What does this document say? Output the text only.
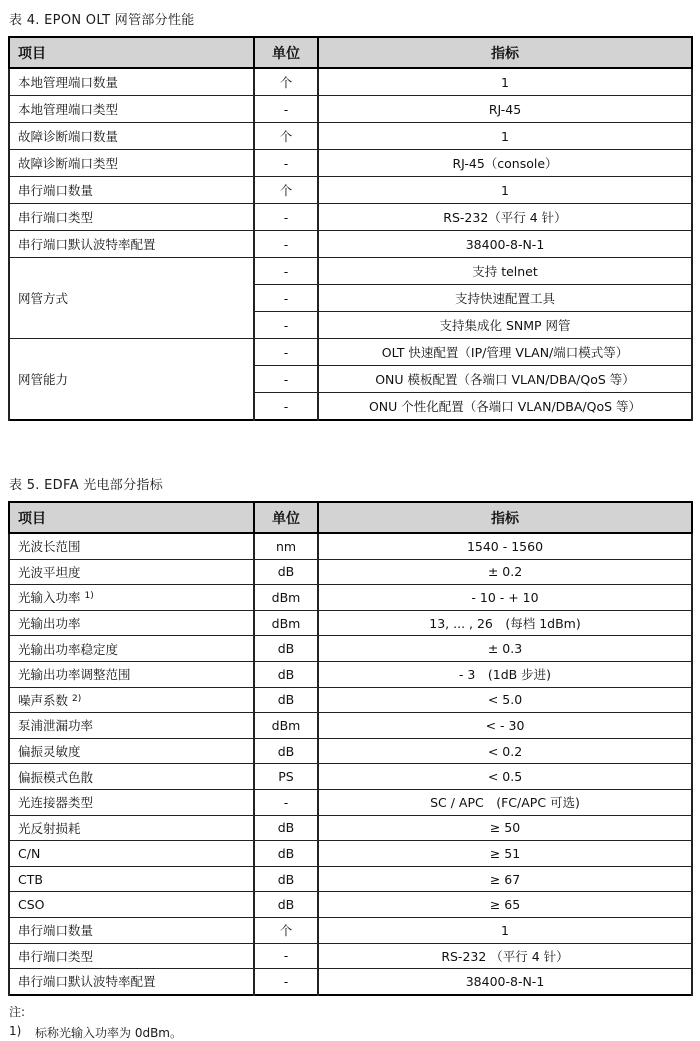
表 4. EPON OLT 网管部分性能

项目	单位	指标
本地管理端口数量	个	1
本地管理端口类型	-	RJ-45
故障诊断端口数量	个	1
故障诊断端口类型	-	RJ-45（console）
串行端口数量	个	1
串行端口类型	-	RS-232（平行 4 针）
串行端口默认波特率配置	-	38400-8-N-1
网管方式	-	支持 telnet
	-	支持快速配置工具
	-	支持集成化 SNMP 网管
网管能力	-	OLT 快速配置（IP/管理 VLAN/端口模式等）
	-	ONU 模板配置（各端口 VLAN/DBA/QoS 等）
	-	ONU 个性化配置（各端口 VLAN/DBA/QoS 等）

表 5. EDFA 光电部分指标

项目	单位	指标
光波长范围	nm	1540 - 1560
光波平坦度	dB	± 0.2
光输入功率 $^{1)}$	dBm	- 10 - + 10
光输出功率	dBm	13, ... , 26　(每档 1dBm)
光输出功率稳定度	dB	± 0.3
光输出功率调整范围	dB	- 3　(1dB 步进)
噪声系数 $^{2)}$	dB	< 5.0
泵浦泄漏功率	dBm	< - 30
偏振灵敏度	dB	< 0.2
偏振模式色散	PS	< 0.5
光连接器类型	-	SC / APC　(FC/APC 可选)
光反射损耗	dB	≥ 50
C/N	dB	≥ 51
CTB	dB	≥ 67
CSO	dB	≥ 65
串行端口数量	个	1
串行端口类型	-	RS-232 （平行 4 针）
串行端口默认波特率配置	-	38400-8-N-1

注:

1)	标称光输入功率为 0dBm。
